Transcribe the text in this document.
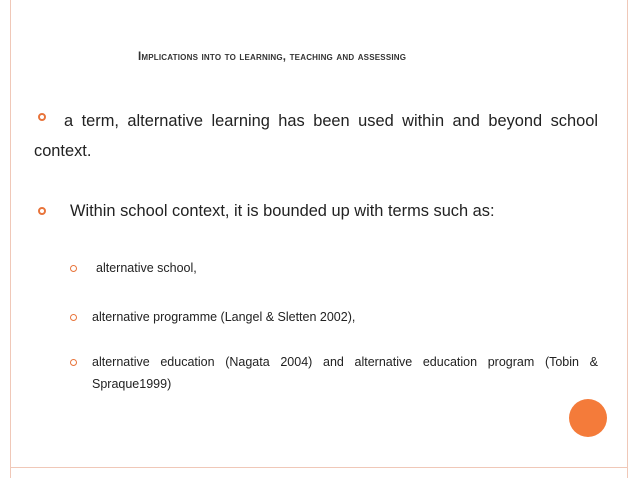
Implications into to learning, teaching and assessing
a term, alternative learning has been used within and beyond school context.
Within school context, it is bounded up with terms such as:
alternative school,
alternative programme (Langel & Sletten 2002),
alternative education (Nagata 2004) and alternative education program (Tobin & Spraque1999)
